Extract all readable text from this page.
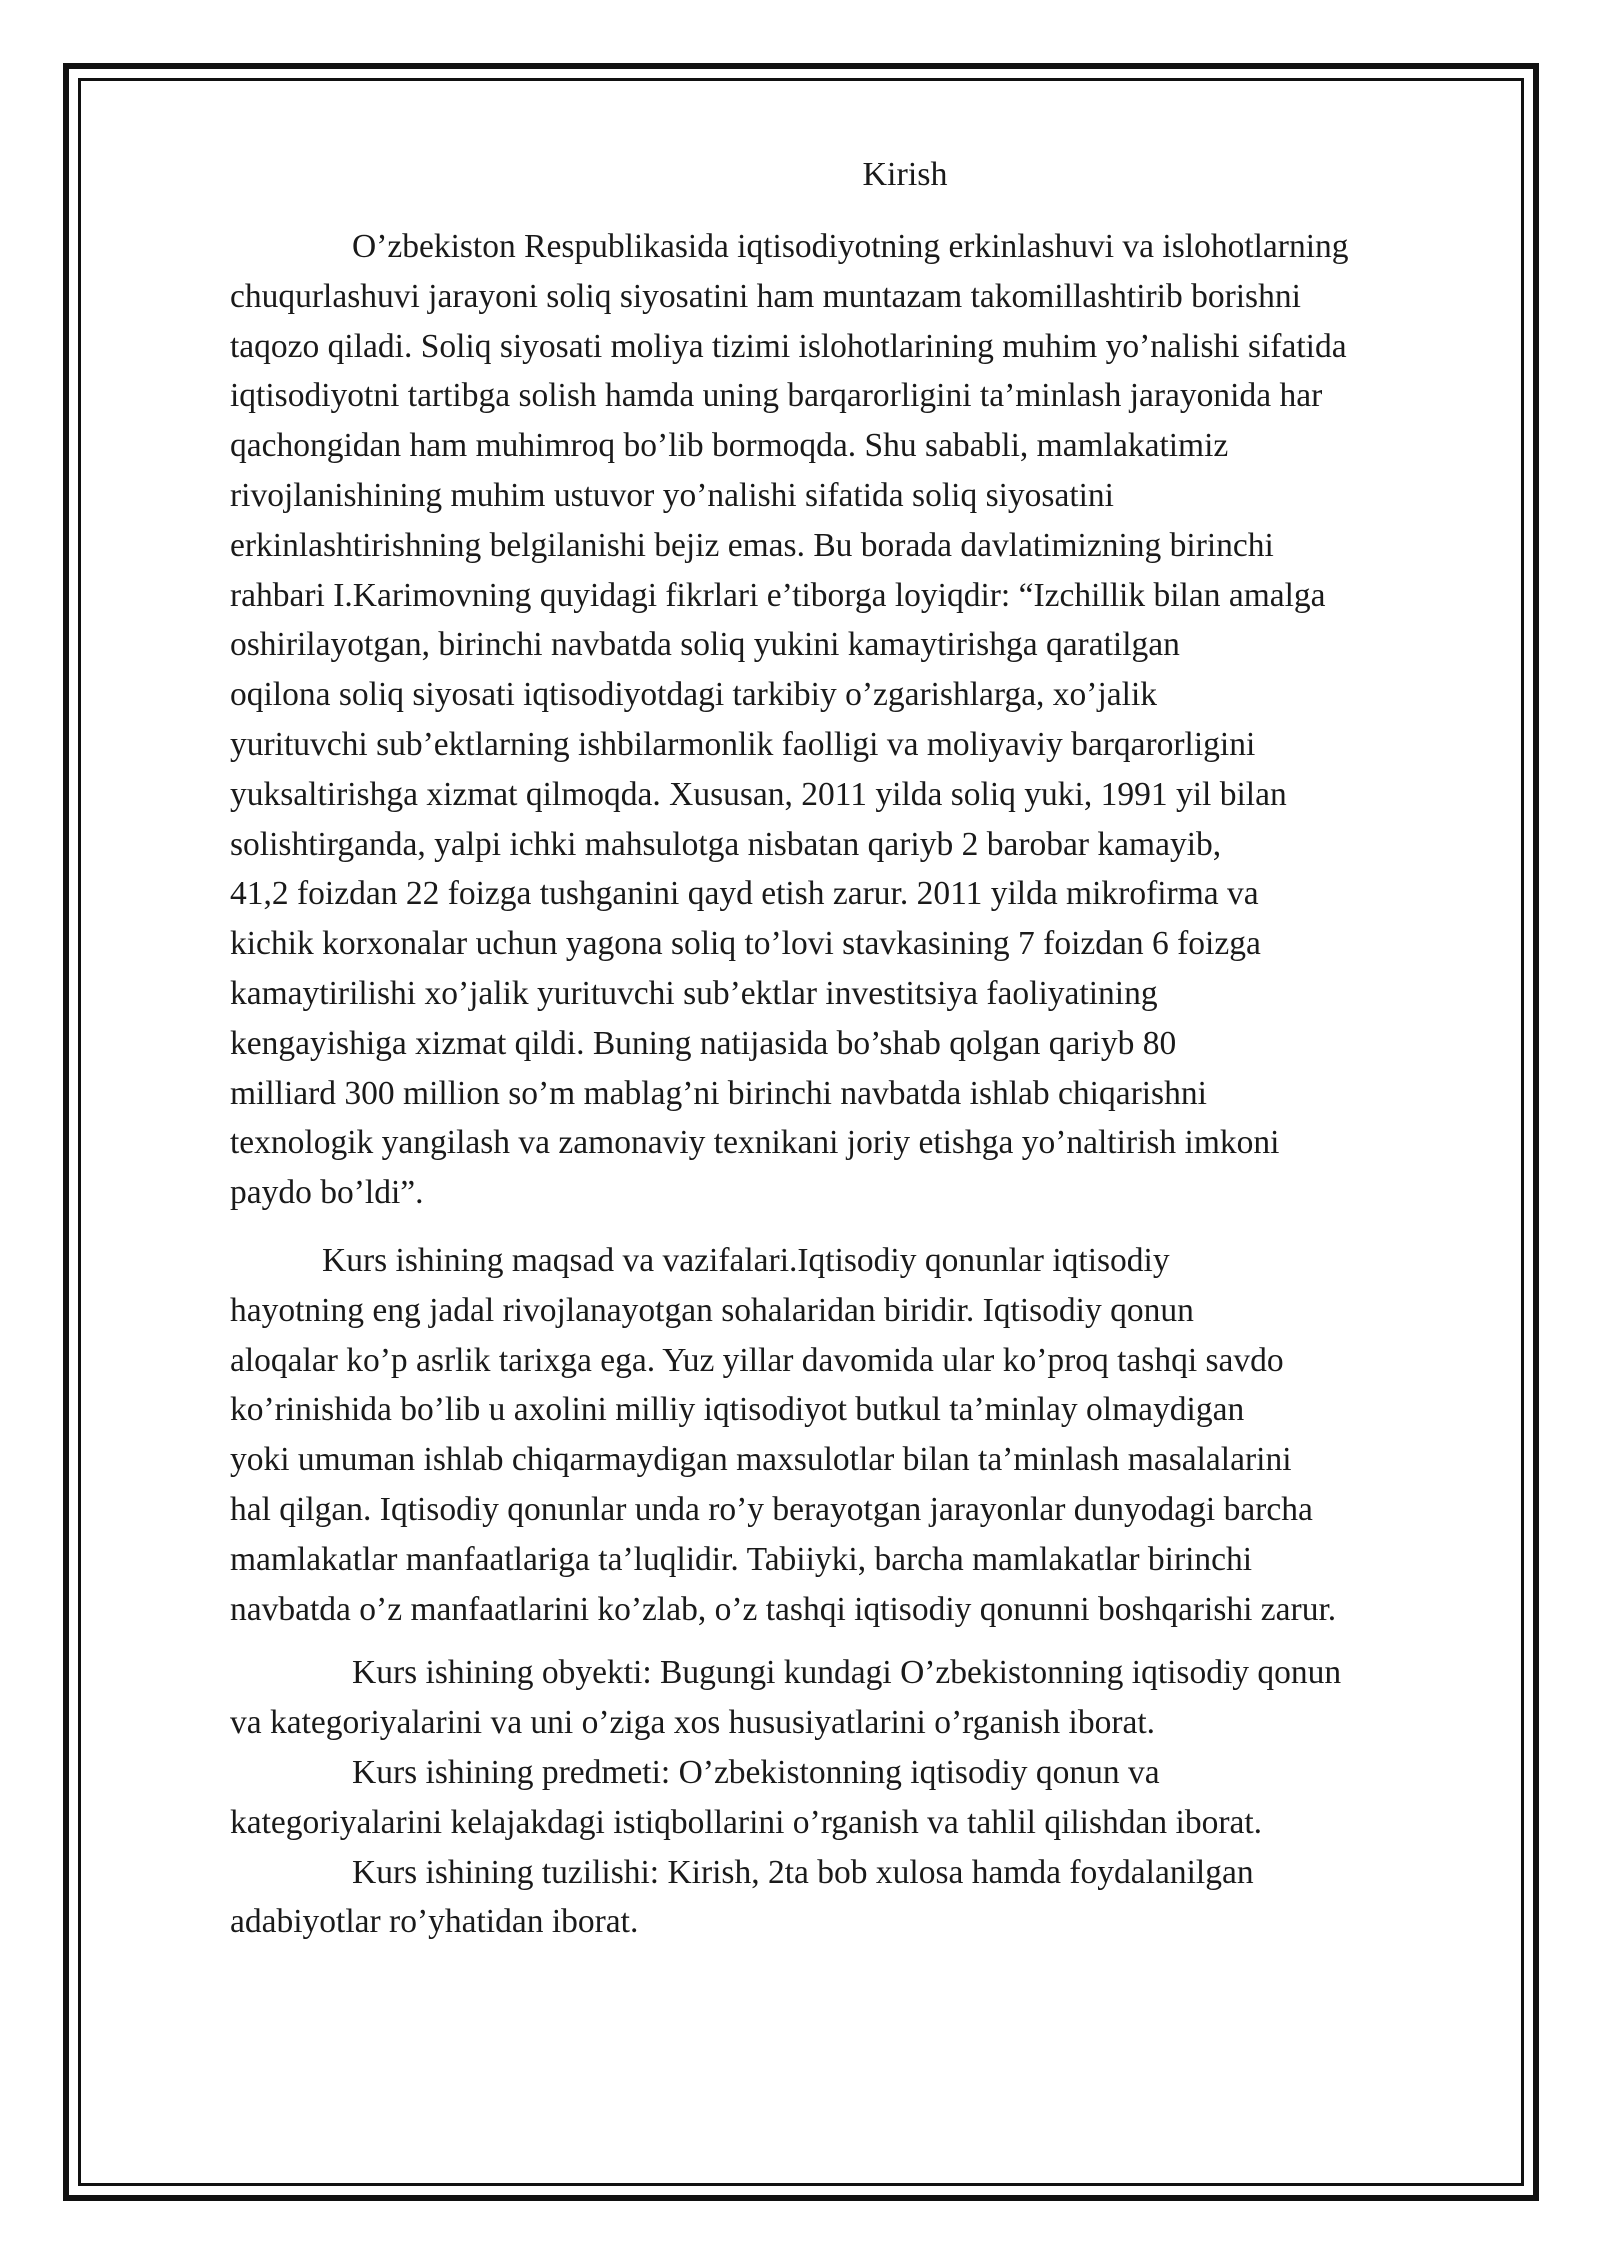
Kirish
O’zbekiston Respublikasida iqtisodiyotning erkinlashuvi va islohotlarning
chuqurlashuvi jarayoni soliq siyosatini ham muntazam takomillashtirib borishni
taqozo qiladi. Soliq siyosati moliya tizimi islohotlarining muhim yo’nalishi sifatida
iqtisodiyotni tartibga solish hamda uning barqarorligini ta’minlash jarayonida har
qachongidan ham muhimroq bo’lib bormoqda. Shu sababli, mamlakatimiz
rivojlanishining muhim ustuvor yo’nalishi sifatida soliq siyosatini
erkinlashtirishning belgilanishi bejiz emas. Bu borada davlatimizning birinchi
rahbari I.Karimovning quyidagi fikrlari e’tiborga loyiqdir: “Izchillik bilan amalga
oshirilayotgan, birinchi navbatda soliq yukini kamaytirishga qaratilgan
oqilona soliq siyosati iqtisodiyotdagi tarkibiy o’zgarishlarga, xo’jalik
yurituvchi sub’ektlarning ishbilarmonlik faolligi va moliyaviy barqarorligini
yuksaltirishga xizmat qilmoqda. Xususan, 2011 yilda soliq yuki, 1991 yil bilan
solishtirganda, yalpi ichki mahsulotga nisbatan qariyb 2 barobar kamayib,
41,2 foizdan 22 foizga tushganini qayd etish zarur. 2011 yilda mikrofirma va
kichik korxonalar uchun yagona soliq to’lovi stavkasining 7 foizdan 6 foizga
kamaytirilishi xo’jalik yurituvchi sub’ektlar investitsiya faoliyatining
kengayishiga xizmat qildi. Buning natijasida bo’shab qolgan qariyb 80
milliard 300 million so’m mablag’ni birinchi navbatda ishlab chiqarishni
texnologik yangilash va zamonaviy texnikani joriy etishga yo’naltirish imkoni
paydo bo’ldi”.
Kurs ishining maqsad va vazifalari.Iqtisodiy qonunlar iqtisodiy
hayotning eng jadal rivojlanayotgan sohalaridan biridir. Iqtisodiy qonun
aloqalar ko’p asrlik tarixga ega. Yuz yillar davomida ular ko’proq tashqi savdo
ko’rinishida bo’lib u axolini milliy iqtisodiyot butkul ta’minlay olmaydigan
yoki umuman ishlab chiqarmaydigan maxsulotlar bilan ta’minlash masalalarini
hal qilgan. Iqtisodiy qonunlar unda ro’y berayotgan jarayonlar dunyodagi barcha
mamlakatlar manfaatlariga ta’luqlidir. Tabiiyki, barcha mamlakatlar birinchi
navbatda o’z manfaatlarini ko’zlab, o’z tashqi iqtisodiy qonunni boshqarishi zarur.
Kurs ishining obyekti: Bugungi kundagi O’zbekistonning iqtisodiy qonun
va kategoriyalarini va uni o’ziga xos hususiyatlarini o’rganish iborat.
Kurs ishining predmeti: O’zbekistonning iqtisodiy qonun va
kategoriyalarini kelajakdagi istiqbollarini o’rganish va tahlil qilishdan iborat.
Kurs ishining tuzilishi: Kirish, 2ta bob xulosa hamda foydalanilgan
adabiyotlar ro’yhatidan iborat.
